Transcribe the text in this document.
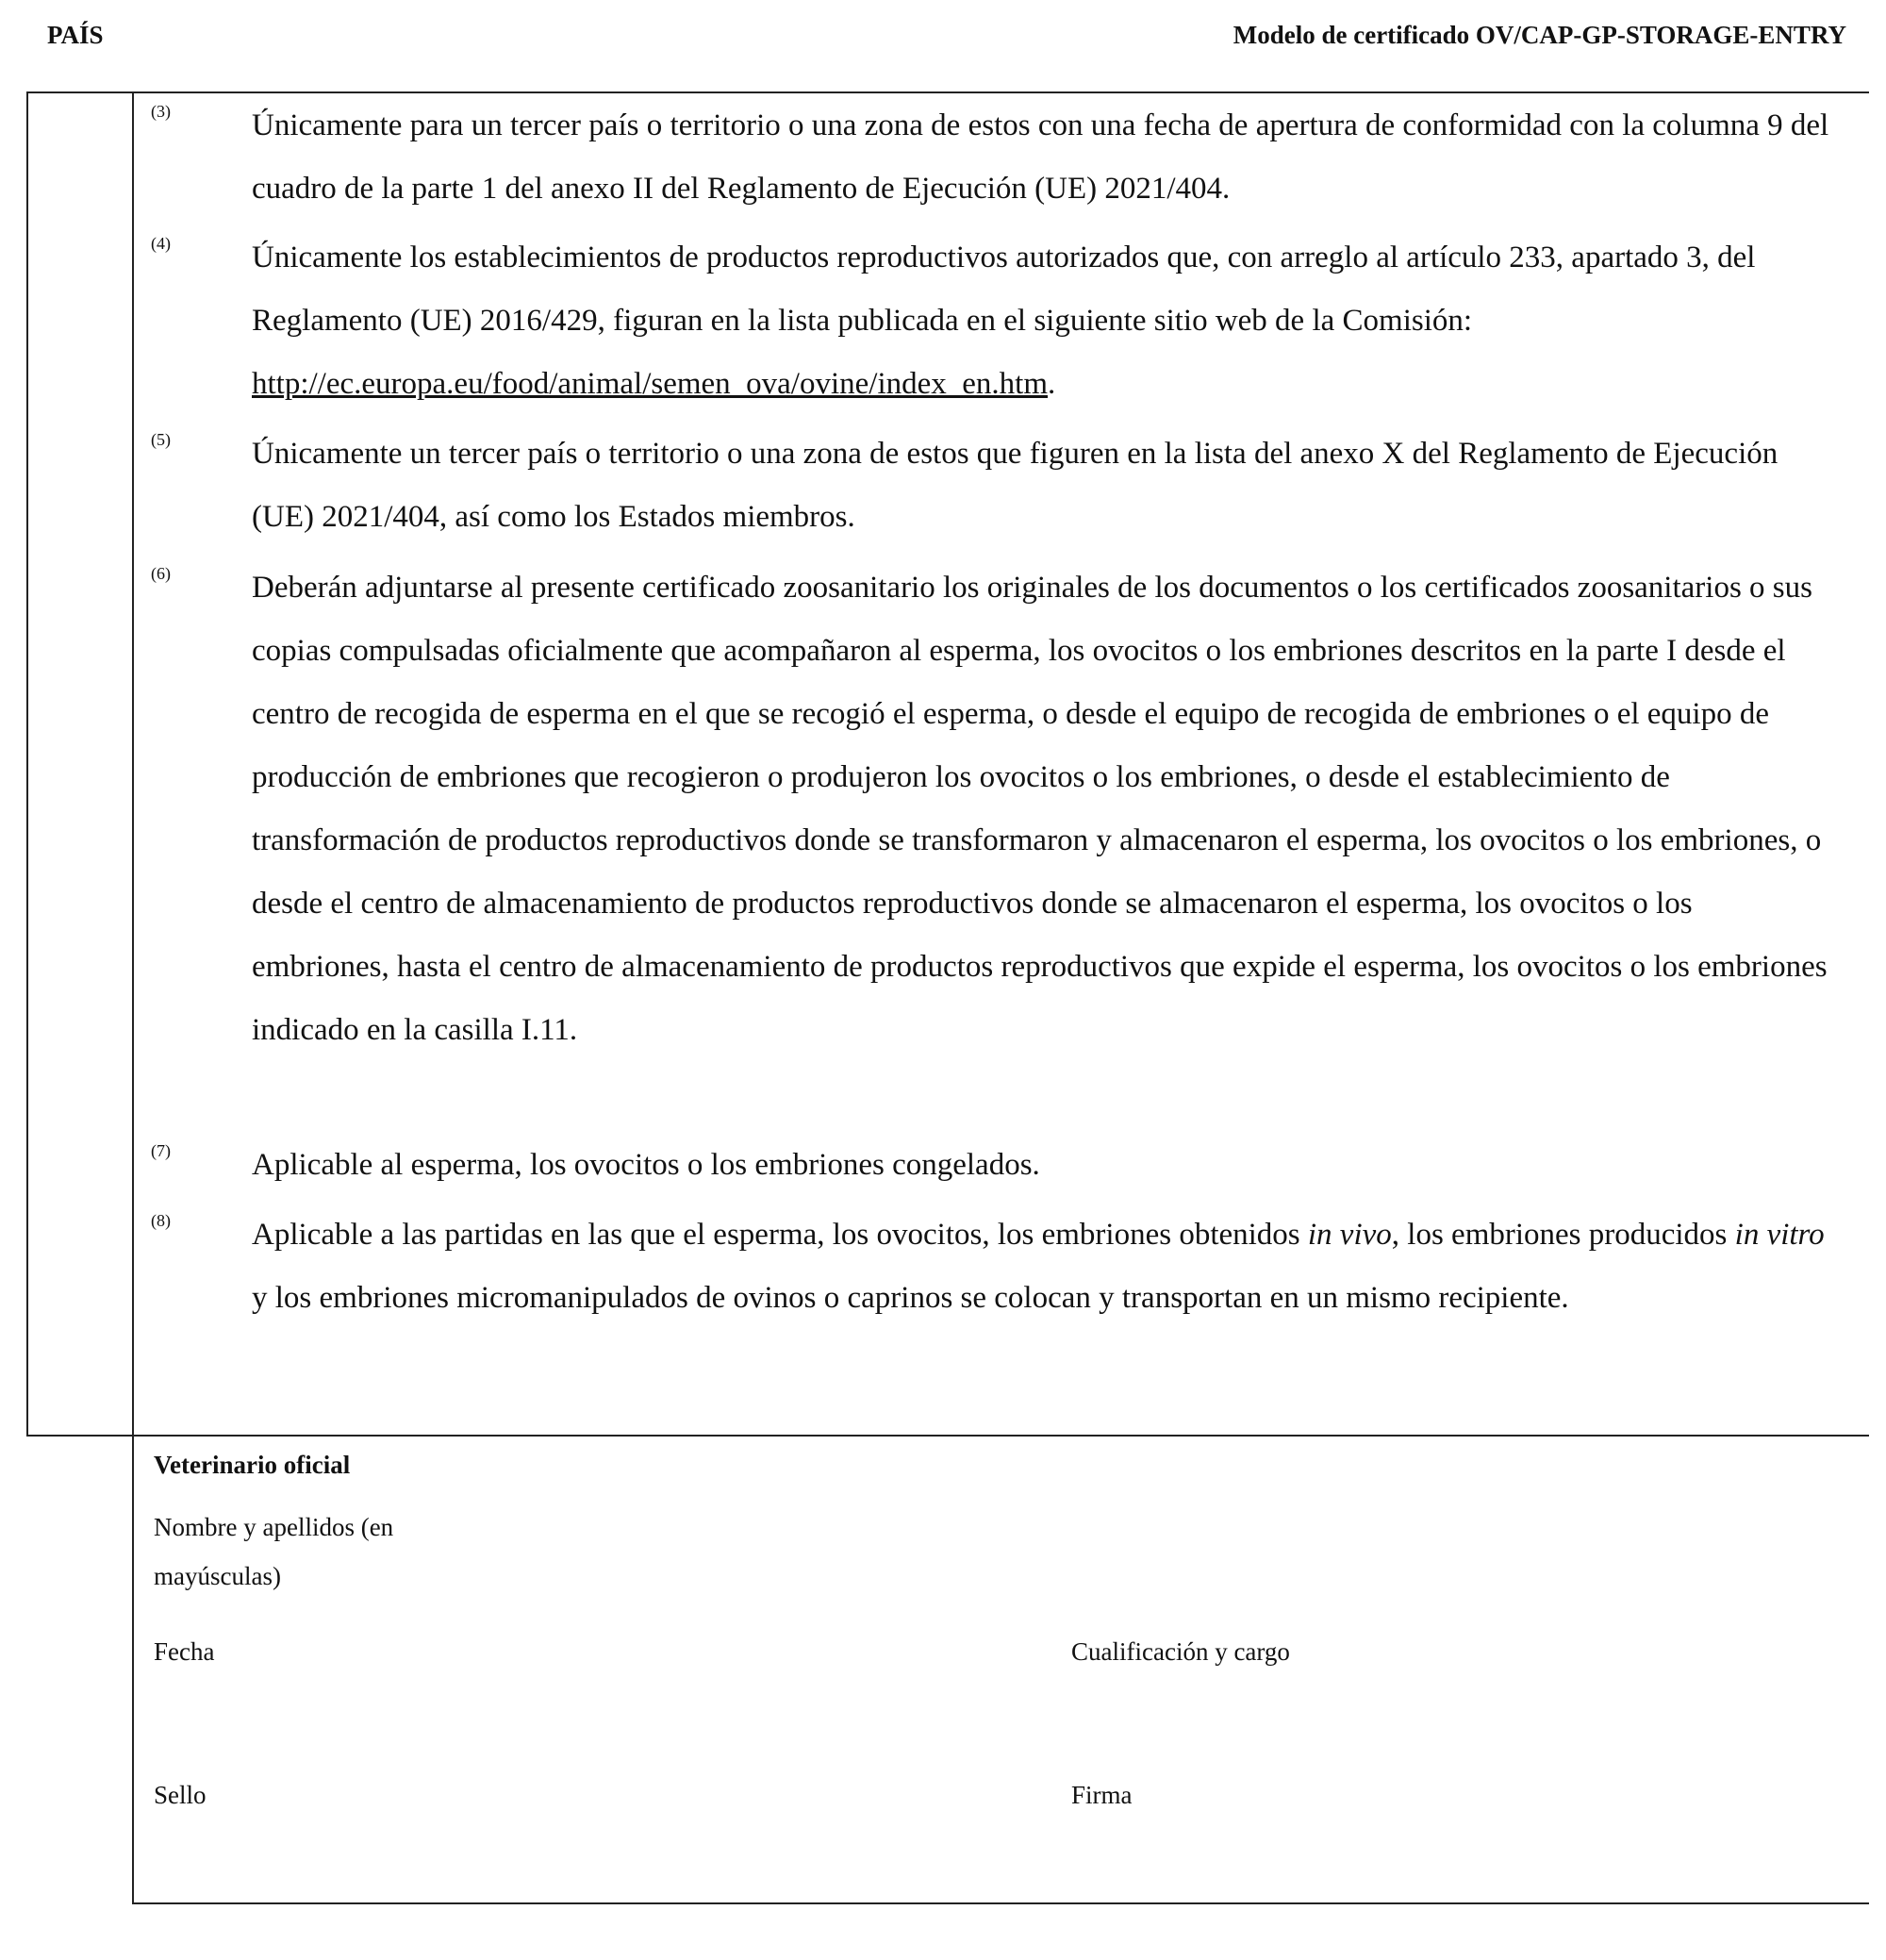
PAÍS	Modelo de certificado OV/CAP-GP-STORAGE-ENTRY
(3)	Únicamente para un tercer país o territorio o una zona de estos con una fecha de apertura de conformidad con la columna 9 del cuadro de la parte 1 del anexo II del Reglamento de Ejecución (UE) 2021/404.
(4)	Únicamente los establecimientos de productos reproductivos autorizados que, con arreglo al artículo 233, apartado 3, del Reglamento (UE) 2016/429, figuran en la lista publicada en el siguiente sitio web de la Comisión: http://ec.europa.eu/food/animal/semen_ova/ovine/index_en.htm.
(5)	Únicamente un tercer país o territorio o una zona de estos que figuren en la lista del anexo X del Reglamento de Ejecución (UE) 2021/404, así como los Estados miembros.
(6)	Deberán adjuntarse al presente certificado zoosanitario los originales de los documentos o los certificados zoosanitarios o sus copias compulsadas oficialmente que acompañaron al esperma, los ovocitos o los embriones descritos en la parte I desde el centro de recogida de esperma en el que se recogió el esperma, o desde el equipo de recogida de embriones o el equipo de producción de embriones que recogieron o produjeron los ovocitos o los embriones, o desde el establecimiento de transformación de productos reproductivos donde se transformaron y almacenaron el esperma, los ovocitos o los embriones, o desde el centro de almacenamiento de productos reproductivos donde se almacenaron el esperma, los ovocitos o los embriones, hasta el centro de almacenamiento de productos reproductivos que expide el esperma, los ovocitos o los embriones indicado en la casilla I.11.
(7)	Aplicable al esperma, los ovocitos o los embriones congelados.
(8)	Aplicable a las partidas en las que el esperma, los ovocitos, los embriones obtenidos in vivo, los embriones producidos in vitro y los embriones micromanipulados de ovinos o caprinos se colocan y transportan en un mismo recipiente.
Veterinario oficial
Nombre y apellidos (en mayúsculas)
Fecha	Cualificación y cargo
Sello	Firma
